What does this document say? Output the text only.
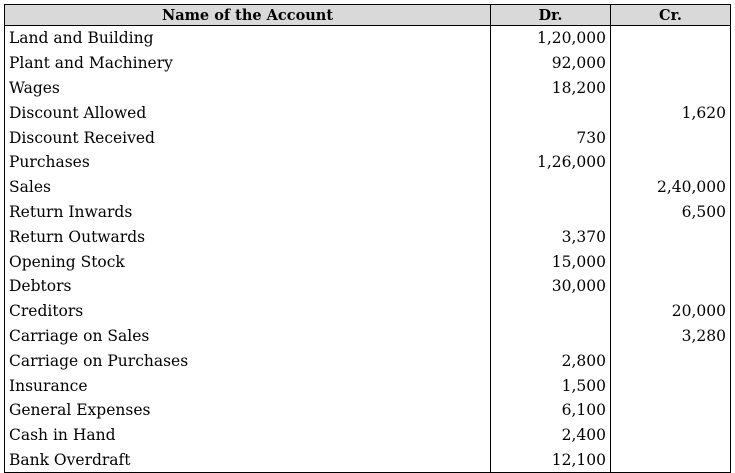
Name of the Account	Dr.	Cr.
Land and Building	1,20,000	
Plant and Machinery	92,000	
Wages	18,200	
Discount Allowed		1,620
Discount Received	730	
Purchases	1,26,000	
Sales		2,40,000
Return Inwards		6,500
Return Outwards	3,370	
Opening Stock	15,000	
Debtors	30,000	
Creditors		20,000
Carriage on Sales		3,280
Carriage on Purchases	2,800	
Insurance	1,500	
General Expenses	6,100	
Cash in Hand	2,400	
Bank Overdraft	12,100	
